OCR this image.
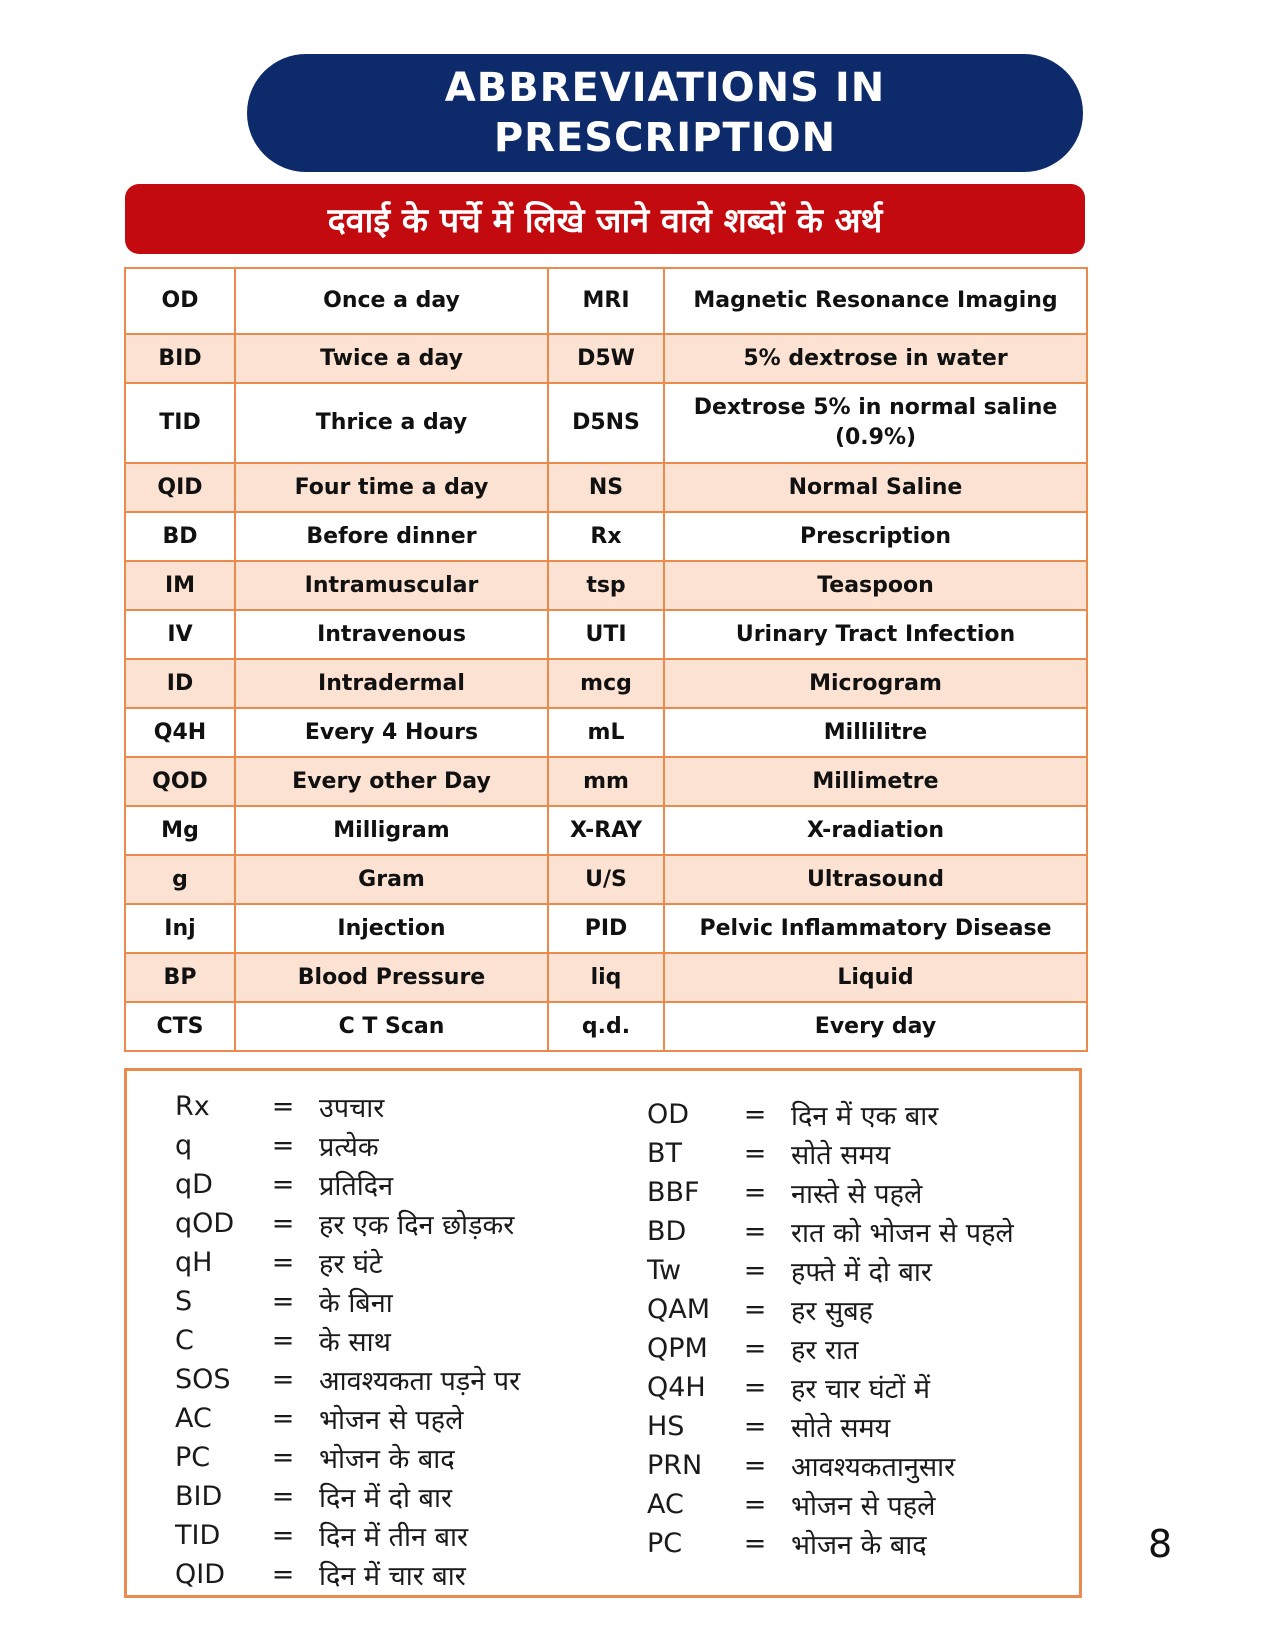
ABBREVIATIONS IN
PRESCRIPTION
दवाई के पर्चे में लिखे जाने वाले शब्दों के अर्थ
OD	Once a day	MRI	Magnetic Resonance Imaging
BID	Twice a day	D5W	5% dextrose in water
TID	Thrice a day	D5NS	Dextrose 5% in normal saline (0.9%)
QID	Four time a day	NS	Normal Saline
BD	Before dinner	Rx	Prescription
IM	Intramuscular	tsp	Teaspoon
IV	Intravenous	UTI	Urinary Tract Infection
ID	Intradermal	mcg	Microgram
Q4H	Every 4 Hours	mL	Millilitre
QOD	Every other Day	mm	Millimetre
Mg	Milligram	X-RAY	X-radiation
g	Gram	U/S	Ultrasound
Inj	Injection	PID	Pelvic Inflammatory Disease
BP	Blood Pressure	liq	Liquid
CTS	C T Scan	q.d.	Every day
Rx	= उपचार
q	= प्रत्येक
qD	= प्रतिदिन
qOD	= हर एक दिन छोड़कर
qH	= हर घंटे
S	= के बिना
C	= के साथ
SOS	= आवश्यकता पड़ने पर
AC	= भोजन से पहले
PC	= भोजन के बाद
BID	= दिन में दो बार
TID	= दिन में तीन बार
QID	= दिन में चार बार
OD	= दिन में एक बार
BT	= सोते समय
BBF	= नास्ते से पहले
BD	= रात को भोजन से पहले
Tw	= हफ्ते में दो बार
QAM	= हर सुबह
QPM	= हर रात
Q4H	= हर चार घंटों में
HS	= सोते समय
PRN	= आवश्यकतानुसार
AC	= भोजन से पहले
PC	= भोजन के बाद	8
